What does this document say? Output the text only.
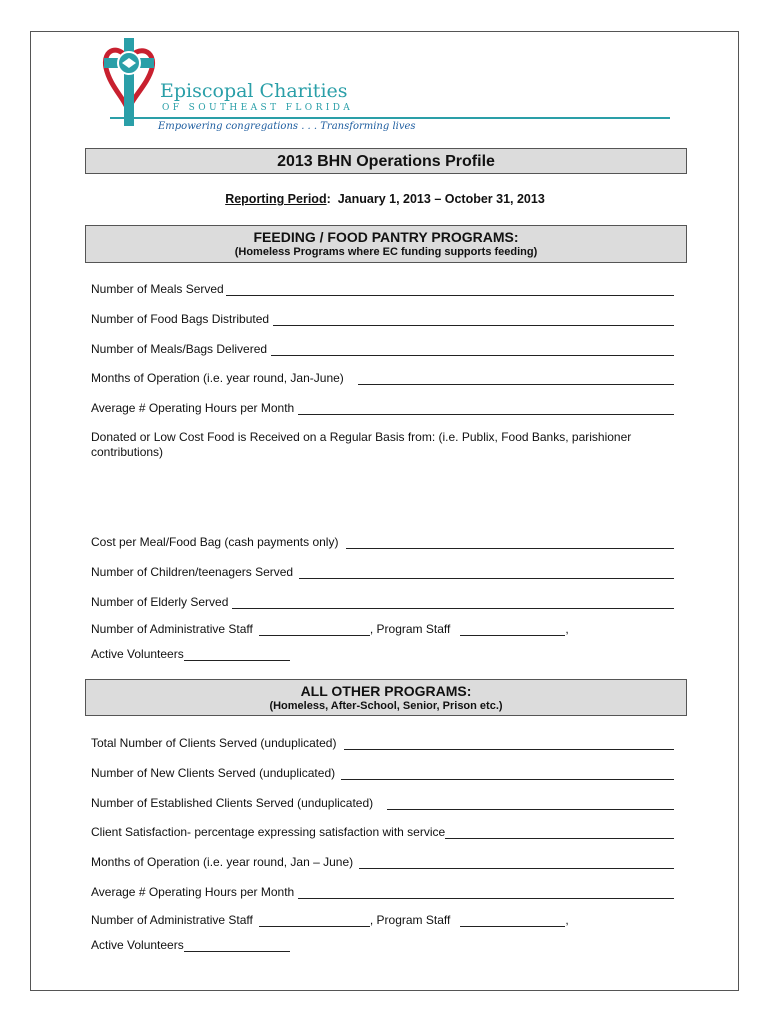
Episcopal Charities
OF SOUTHEAST FLORIDA
Empowering congregations . . . Transforming lives
2013 BHN Operations Profile
Reporting Period: January 1, 2013 – October 31, 2013
FEEDING / FOOD PANTRY PROGRAMS:
(Homeless Programs where EC funding supports feeding)
Number of Meals Served
Number of Food Bags Distributed
Number of Meals/Bags Delivered
Months of Operation (i.e. year round, Jan-June)
Average # Operating Hours per Month
Donated or Low Cost Food is Received on a Regular Basis from: (i.e. Publix, Food Banks, parishioner contributions)
Cost per Meal/Food Bag (cash payments only)
Number of Children/teenagers Served
Number of Elderly Served
Number of Administrative Staff	, Program Staff	,
Active Volunteers
ALL OTHER PROGRAMS:
(Homeless, After-School, Senior, Prison etc.)
Total Number of Clients Served (unduplicated)
Number of New Clients Served (unduplicated)
Number of Established Clients Served (unduplicated)
Client Satisfaction- percentage expressing satisfaction with service
Months of Operation (i.e. year round, Jan – June)
Average # Operating Hours per Month
Number of Administrative Staff	, Program Staff	,
Active Volunteers
